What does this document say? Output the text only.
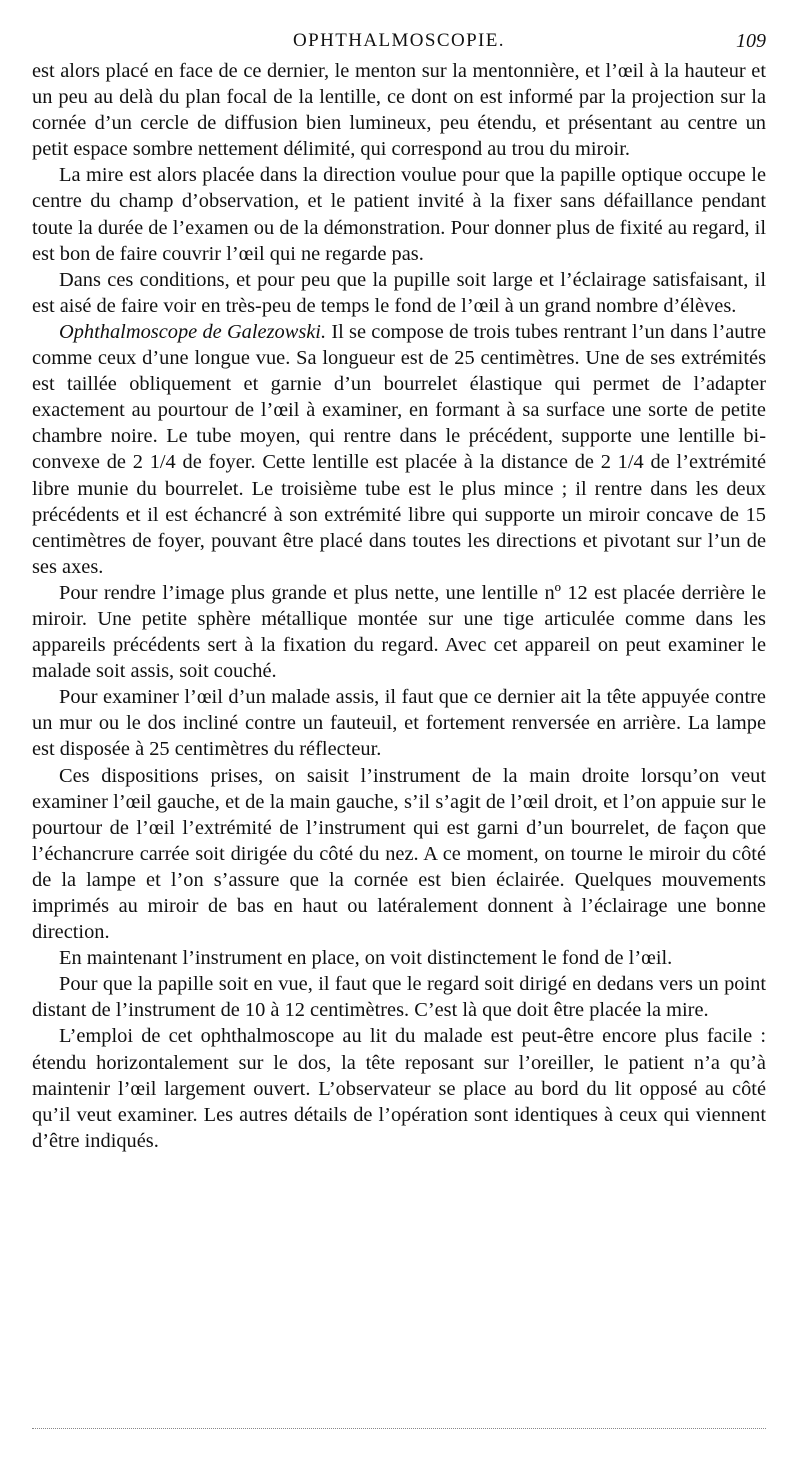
OPHTHALMOSCOPIE.	109

est alors placé en face de ce dernier, le menton sur la mentonnière, et l’œil à la hauteur et un peu au delà du plan focal de la lentille, ce dont on est informé par la projection sur la cornée d’un cercle de diffusion bien lumineux, peu étendu, et présentant au centre un petit espace sombre nettement délimité, qui correspond au trou du miroir.

La mire est alors placée dans la direction voulue pour que la papille optique occupe le centre du champ d’observation, et le patient invité à la fixer sans défaillance pendant toute la durée de l’examen ou de la démonstration. Pour donner plus de fixité au regard, il est bon de faire couvrir l’œil qui ne regarde pas.

Dans ces conditions, et pour peu que la pupille soit large et l’éclairage satisfaisant, il est aisé de faire voir en très-peu de temps le fond de l’œil à un grand nombre d’élèves.

Ophthalmoscope de Galezowski. Il se compose de trois tubes rentrant l’un dans l’autre comme ceux d’une longue vue. Sa longueur est de 25 centimètres. Une de ses extrémités est taillée obliquement et garnie d’un bourrelet élastique qui permet de l’adapter exactement au pourtour de l’œil à examiner, en formant à sa surface une sorte de petite chambre noire. Le tube moyen, qui rentre dans le précédent, supporte une lentille bi-convexe de 2 1/4 de foyer. Cette lentille est placée à la distance de 2 1/4 de l’extrémité libre munie du bourrelet. Le troisième tube est le plus mince ; il rentre dans les deux précédents et il est échancré à son extrémité libre qui supporte un miroir concave de 15 centimètres de foyer, pouvant être placé dans toutes les directions et pivotant sur l’un de ses axes.

Pour rendre l’image plus grande et plus nette, une lentille nº 12 est placée derrière le miroir. Une petite sphère métallique montée sur une tige articulée comme dans les appareils précédents sert à la fixation du regard. Avec cet appareil on peut examiner le malade soit assis, soit couché.

Pour examiner l’œil d’un malade assis, il faut que ce dernier ait la tête appuyée contre un mur ou le dos incliné contre un fauteuil, et fortement renversée en arrière. La lampe est disposée à 25 centimètres du réflecteur.

Ces dispositions prises, on saisit l’instrument de la main droite lorsqu’on veut examiner l’œil gauche, et de la main gauche, s’il s’agit de l’œil droit, et l’on appuie sur le pourtour de l’œil l’extrémité de l’instrument qui est garni d’un bourrelet, de façon que l’échancrure carrée soit dirigée du côté du nez. A ce moment, on tourne le miroir du côté de la lampe et l’on s’assure que la cornée est bien éclairée. Quelques mouvements imprimés au miroir de bas en haut ou latéralement donnent à l’éclairage une bonne direction.

En maintenant l’instrument en place, on voit distinctement le fond de l’œil.

Pour que la papille soit en vue, il faut que le regard soit dirigé en dedans vers un point distant de l’instrument de 10 à 12 centimètres. C’est là que doit être placée la mire.

L’emploi de cet ophthalmoscope au lit du malade est peut-être encore plus facile : étendu horizontalement sur le dos, la tête reposant sur l’oreiller, le patient n’a qu’à maintenir l’œil largement ouvert. L’observateur se place au bord du lit opposé au côté qu’il veut examiner. Les autres détails de l’opération sont identiques à ceux qui viennent d’être indiqués.
